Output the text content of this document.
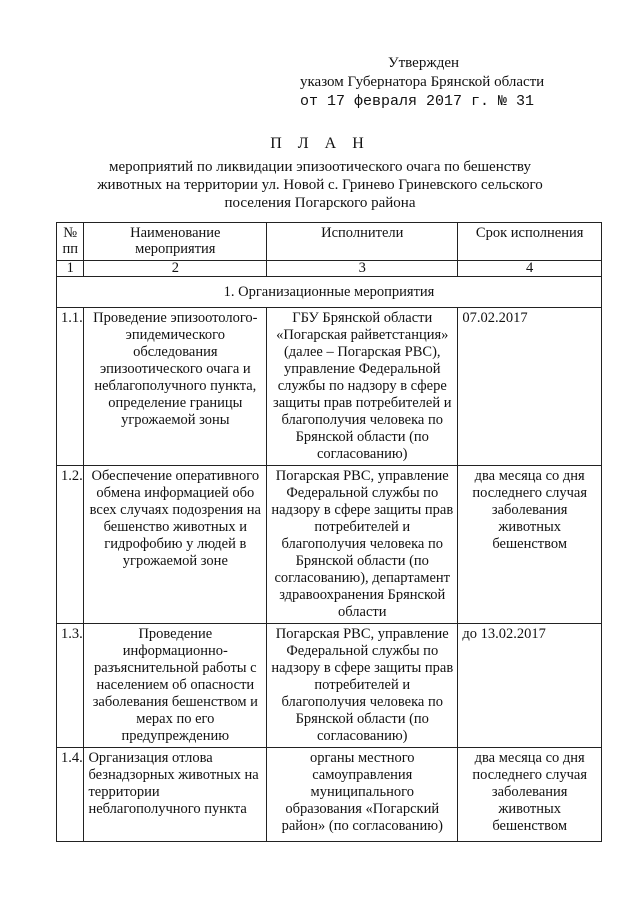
Утвержден
указом Губернатора Брянской области
от 17 февраля 2017 г. № 31
П Л А Н
мероприятий по ликвидации эпизоотического очага по бешенству
животных на территории ул. Новой с. Гринево Гриневского сельского
поселения Погарского района
№ пп	Наименование мероприятия	Исполнители	Срок исполнения
1	2	3	4
1. Организационные мероприятия			
1.1.	Проведение эпизоотолого-эпидемического обследования эпизоотического очага и неблагополучного пункта, определение границы угрожаемой зоны	ГБУ Брянской области «Погарская райветстанция» (далее – Погарская РВС), управление Федеральной службы по надзору в сфере защиты прав потребителей и благополучия человека по Брянской области (по согласованию)	07.02.2017
1.2.	Обеспечение оперативного обмена информацией обо всех случаях подозрения на бешенство животных и гидрофобию у людей в угрожаемой зоне	Погарская РВС, управление Федеральной службы по надзору в сфере защиты прав потребителей и благополучия человека по Брянской области (по согласованию), департамент здравоохранения Брянской области	два месяца со дня последнего случая заболевания животных бешенством
1.3.	Проведение информационно-разъяснительной работы с населением об опасности заболевания бешенством и мерах по его предупреждению	Погарская РВС, управление Федеральной службы по надзору в сфере защиты прав потребителей и благополучия человека по Брянской области (по согласованию)	до 13.02.2017
1.4.	Организация отлова безнадзорных животных на территории неблагополучного пункта	органы местного самоуправления муниципального образования «Погарский район» (по согласованию)	два месяца со дня последнего случая заболевания животных бешенством
